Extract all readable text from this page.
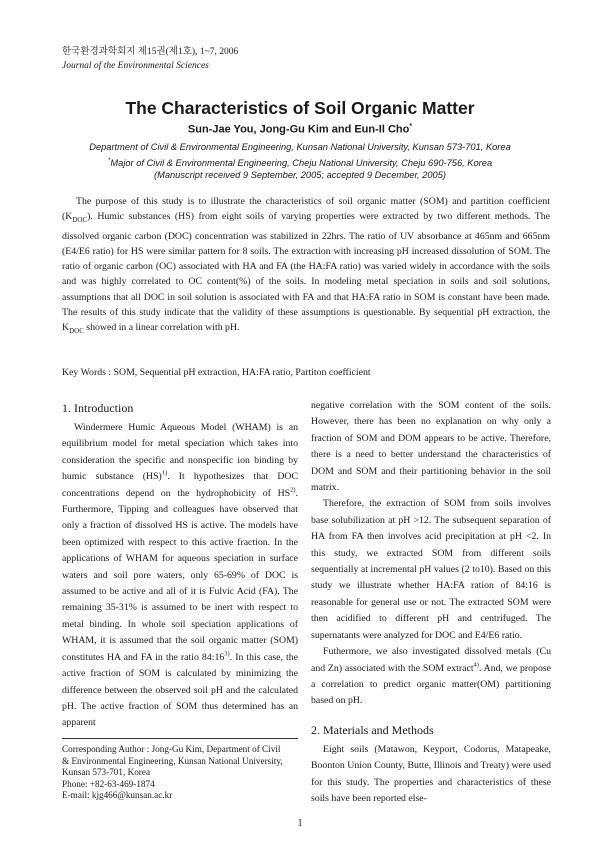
한국환경과학회지 제15권(제1호), 1~7, 2006
Journal of the Environmental Sciences
The Characteristics of Soil Organic Matter
Sun-Jae You, Jong-Gu Kim and Eun-Il Cho*
Department of Civil & Environmental Engineering, Kunsan National University, Kunsan 573-701, Korea
*Major of Civil & Environmental Engineering, Cheju National University, Cheju 690-756, Korea
(Manuscript received 9 September, 2005; accepted 9 December, 2005)

The purpose of this study is to illustrate the characteristics of soil organic matter (SOM) and partition coefficient $(K_{DOC})$. Humic substances (HS) from eight soils of varying properties were extracted by two different methods. The dissolved organic carbon (DOC) concentration was stabilized in 22hrs. The ratio of UV absorbance at 465nm and 665nm (E4/E6 ratio) for HS were similar pattern for 8 soils. The extraction with increasing pH increased dissolution of SOM. The ratio of organic carbon (OC) associated with HA and FA (the HA:FA ratio) was varied widely in accordance with the soils and was highly correlated to OC content(%) of the soils. In modeling metal speciation in soils and soil solutions, assumptions that all DOC in soil solution is associated with FA and that HA:FA ratio in SOM is constant have been made. The results of this study indicate that the validity of these assumptions is questionable. By sequential pH extraction, the $K_{DOC}$ showed in a linear correlation with pH.

Key Words : SOM, Sequential pH extraction, HA:FA ratio, Partiton coefficient

1. Introduction

Windermere Humic Aqueous Model (WHAM) is an equilibrium model for metal speciation which takes into consideration the specific and nonspecific ion binding by humic substance (HS)$^{1)}$. It hypothesizes that DOC concentrations depend on the hydrophobicity of HS$^{2)}$. Furthermore, Tipping and colleagues have observed that only a fraction of dissolved HS is active. The models have been optimized with respect to this active fraction. In the applications of WHAM for aqueous speciation in surface waters and soil pore waters, only 65-69% of DOC is assumed to be active and all of it is Fulvic Acid (FA). The remaining 35-31% is assumed to be inert with respect to metal binding. In whole soil speciation applications of WHAM, it is assumed that the soil organic matter (SOM) constitutes HA and FA in the ratio 84:16$^{3)}$. In this case, the active fraction of SOM is calculated by minimizing the difference between the observed soil pH and the calculated pH. The active fraction of SOM thus determined has an apparent

negative correlation with the SOM content of the soils. However, there has been no explanation on why only a fraction of SOM and DOM appears to be active. Therefore, there is a need to better understand the characteristics of DOM and SOM and their partitioning behavior in the soil matrix.

Therefore, the extraction of SOM from soils involves base solubilization at pH >12. The subsequent separation of HA from FA then involves acid precipitation at pH <2. In this study, we extracted SOM from different soils sequentially at incremental pH values (2 to10). Based on this study we illustrate whether HA:FA ration of 84:16 is reasonable for general use or not. The extracted SOM were then acidified to different pH and centrifuged. The supernatants were analyzed for DOC and E4/E6 ratio.

Futhermore, we also investigated dissolved metals (Cu and Zn) associated with the SOM extract$^{4)}$. And, we propose a correlation to predict organic matter(OM) partitioning based on pH.

2. Materials and Methods

Eight soils (Matawon, Keyport, Codorus, Matapeake, Boonton Union County, Butte, Illinois and Treaty) were used for this study. The properties and characteristics of these soils have been reported else-

Corresponding Author : Jong-Gu Kim, Department of Civil
& Environmental Engineering, Kunsan National University,
Kunsan 573-701, Korea
Phone: +82-63-469-1874
E-mail: kjg466@kunsan.ac.kr
1
